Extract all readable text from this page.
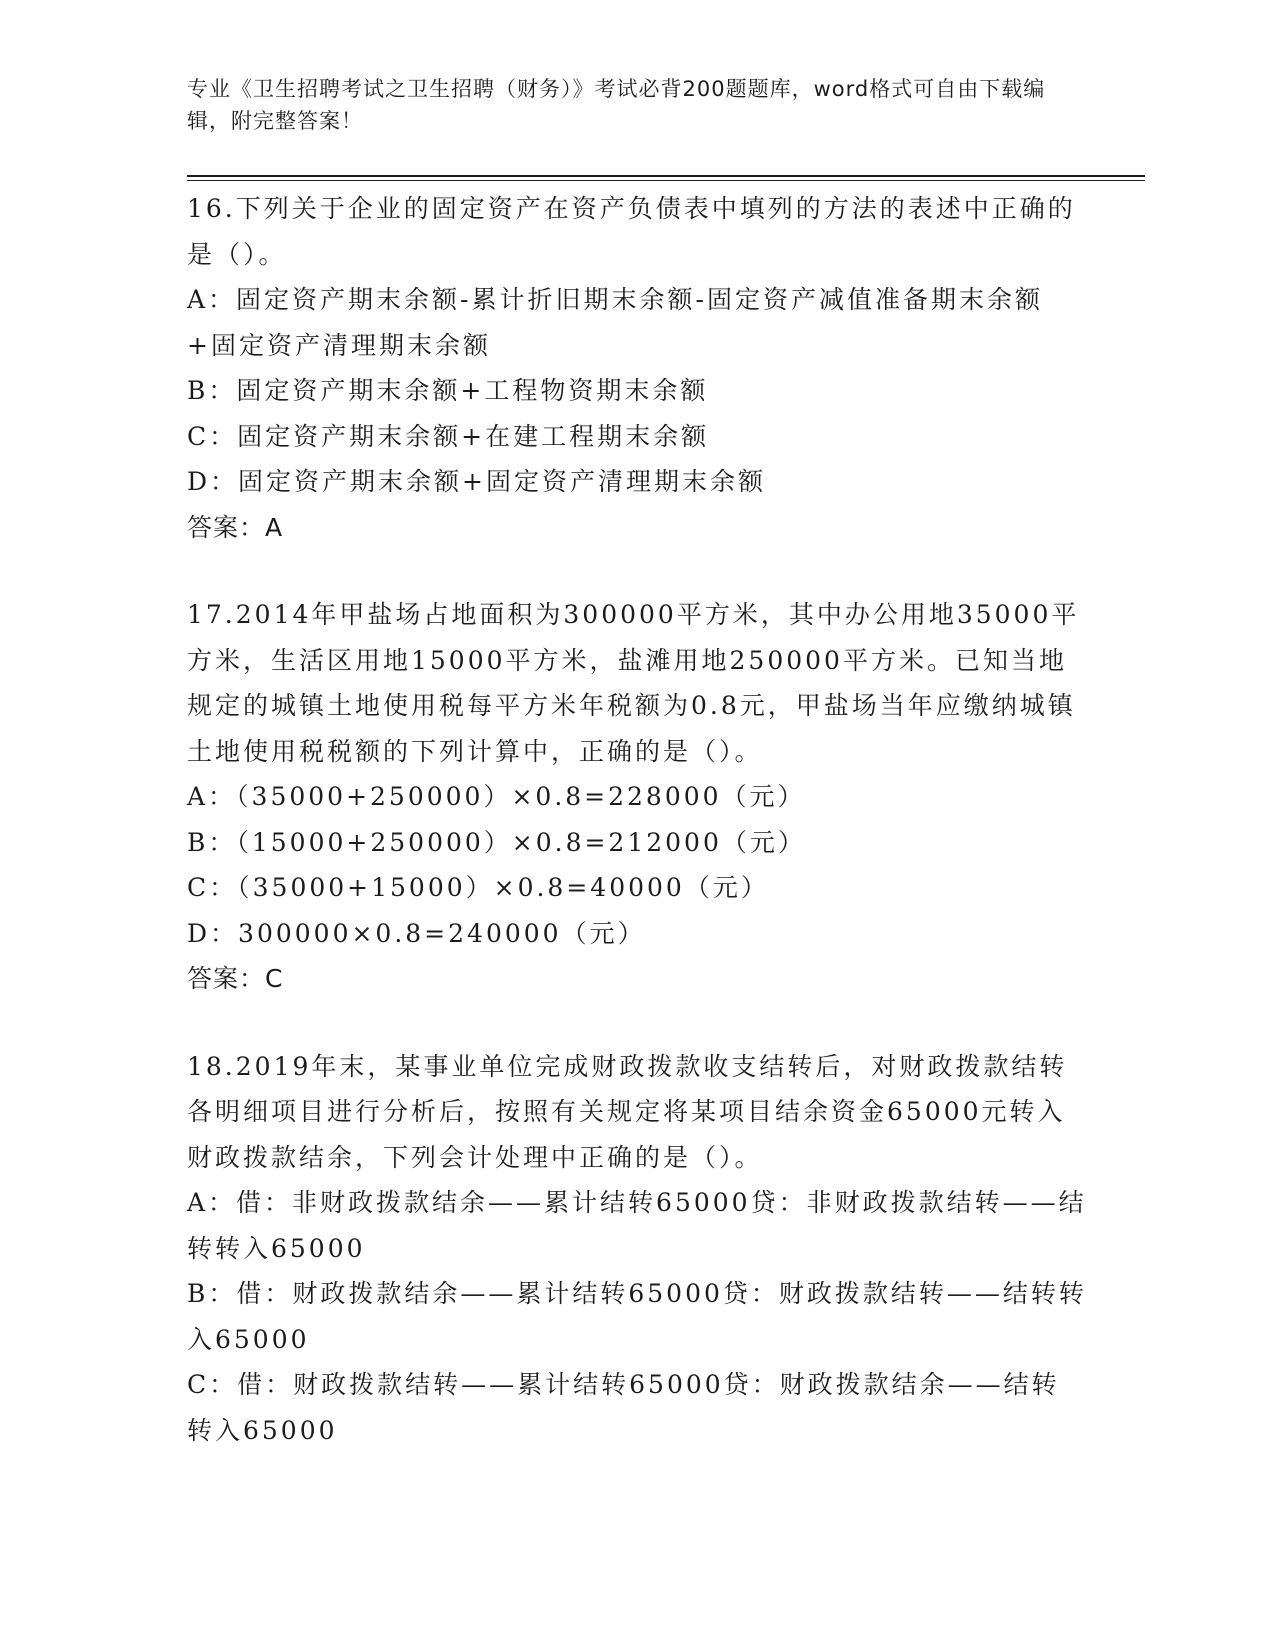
专业《卫生招聘考试之卫生招聘（财务）》考试必背200题题库，word格式可自由下载编辑，附完整答案！

16.下列关于企业的固定资产在资产负债表中填列的方法的表述中正确的是（）。

A：固定资产期末余额-累计折旧期末余额-固定资产减值准备期末余额+固定资产清理期末余额

B：固定资产期末余额+工程物资期末余额

C：固定资产期末余额+在建工程期末余额

D：固定资产期末余额+固定资产清理期末余额

答案：A

17.2014年甲盐场占地面积为300000平方米，其中办公用地35000平方米，生活区用地15000平方米，盐滩用地250000平方米。已知当地规定的城镇土地使用税每平方米年税额为0.8元，甲盐场当年应缴纳城镇土地使用税税额的下列计算中，正确的是（）。

A：（35000+250000）×0.8=228000（元）

B：（15000+250000）×0.8=212000（元）

C：（35000+15000）×0.8=40000（元）

D：300000×0.8=240000（元）

答案：C

18.2019年末，某事业单位完成财政拨款收支结转后，对财政拨款结转各明细项目进行分析后，按照有关规定将某项目结余资金65000元转入财政拨款结余，下列会计处理中正确的是（）。

A：借：非财政拨款结余——累计结转65000贷：非财政拨款结转——结转转入65000

B：借：财政拨款结余——累计结转65000贷：财政拨款结转——结转转入65000

C：借：财政拨款结转——累计结转65000贷：财政拨款结余——结转转入65000
